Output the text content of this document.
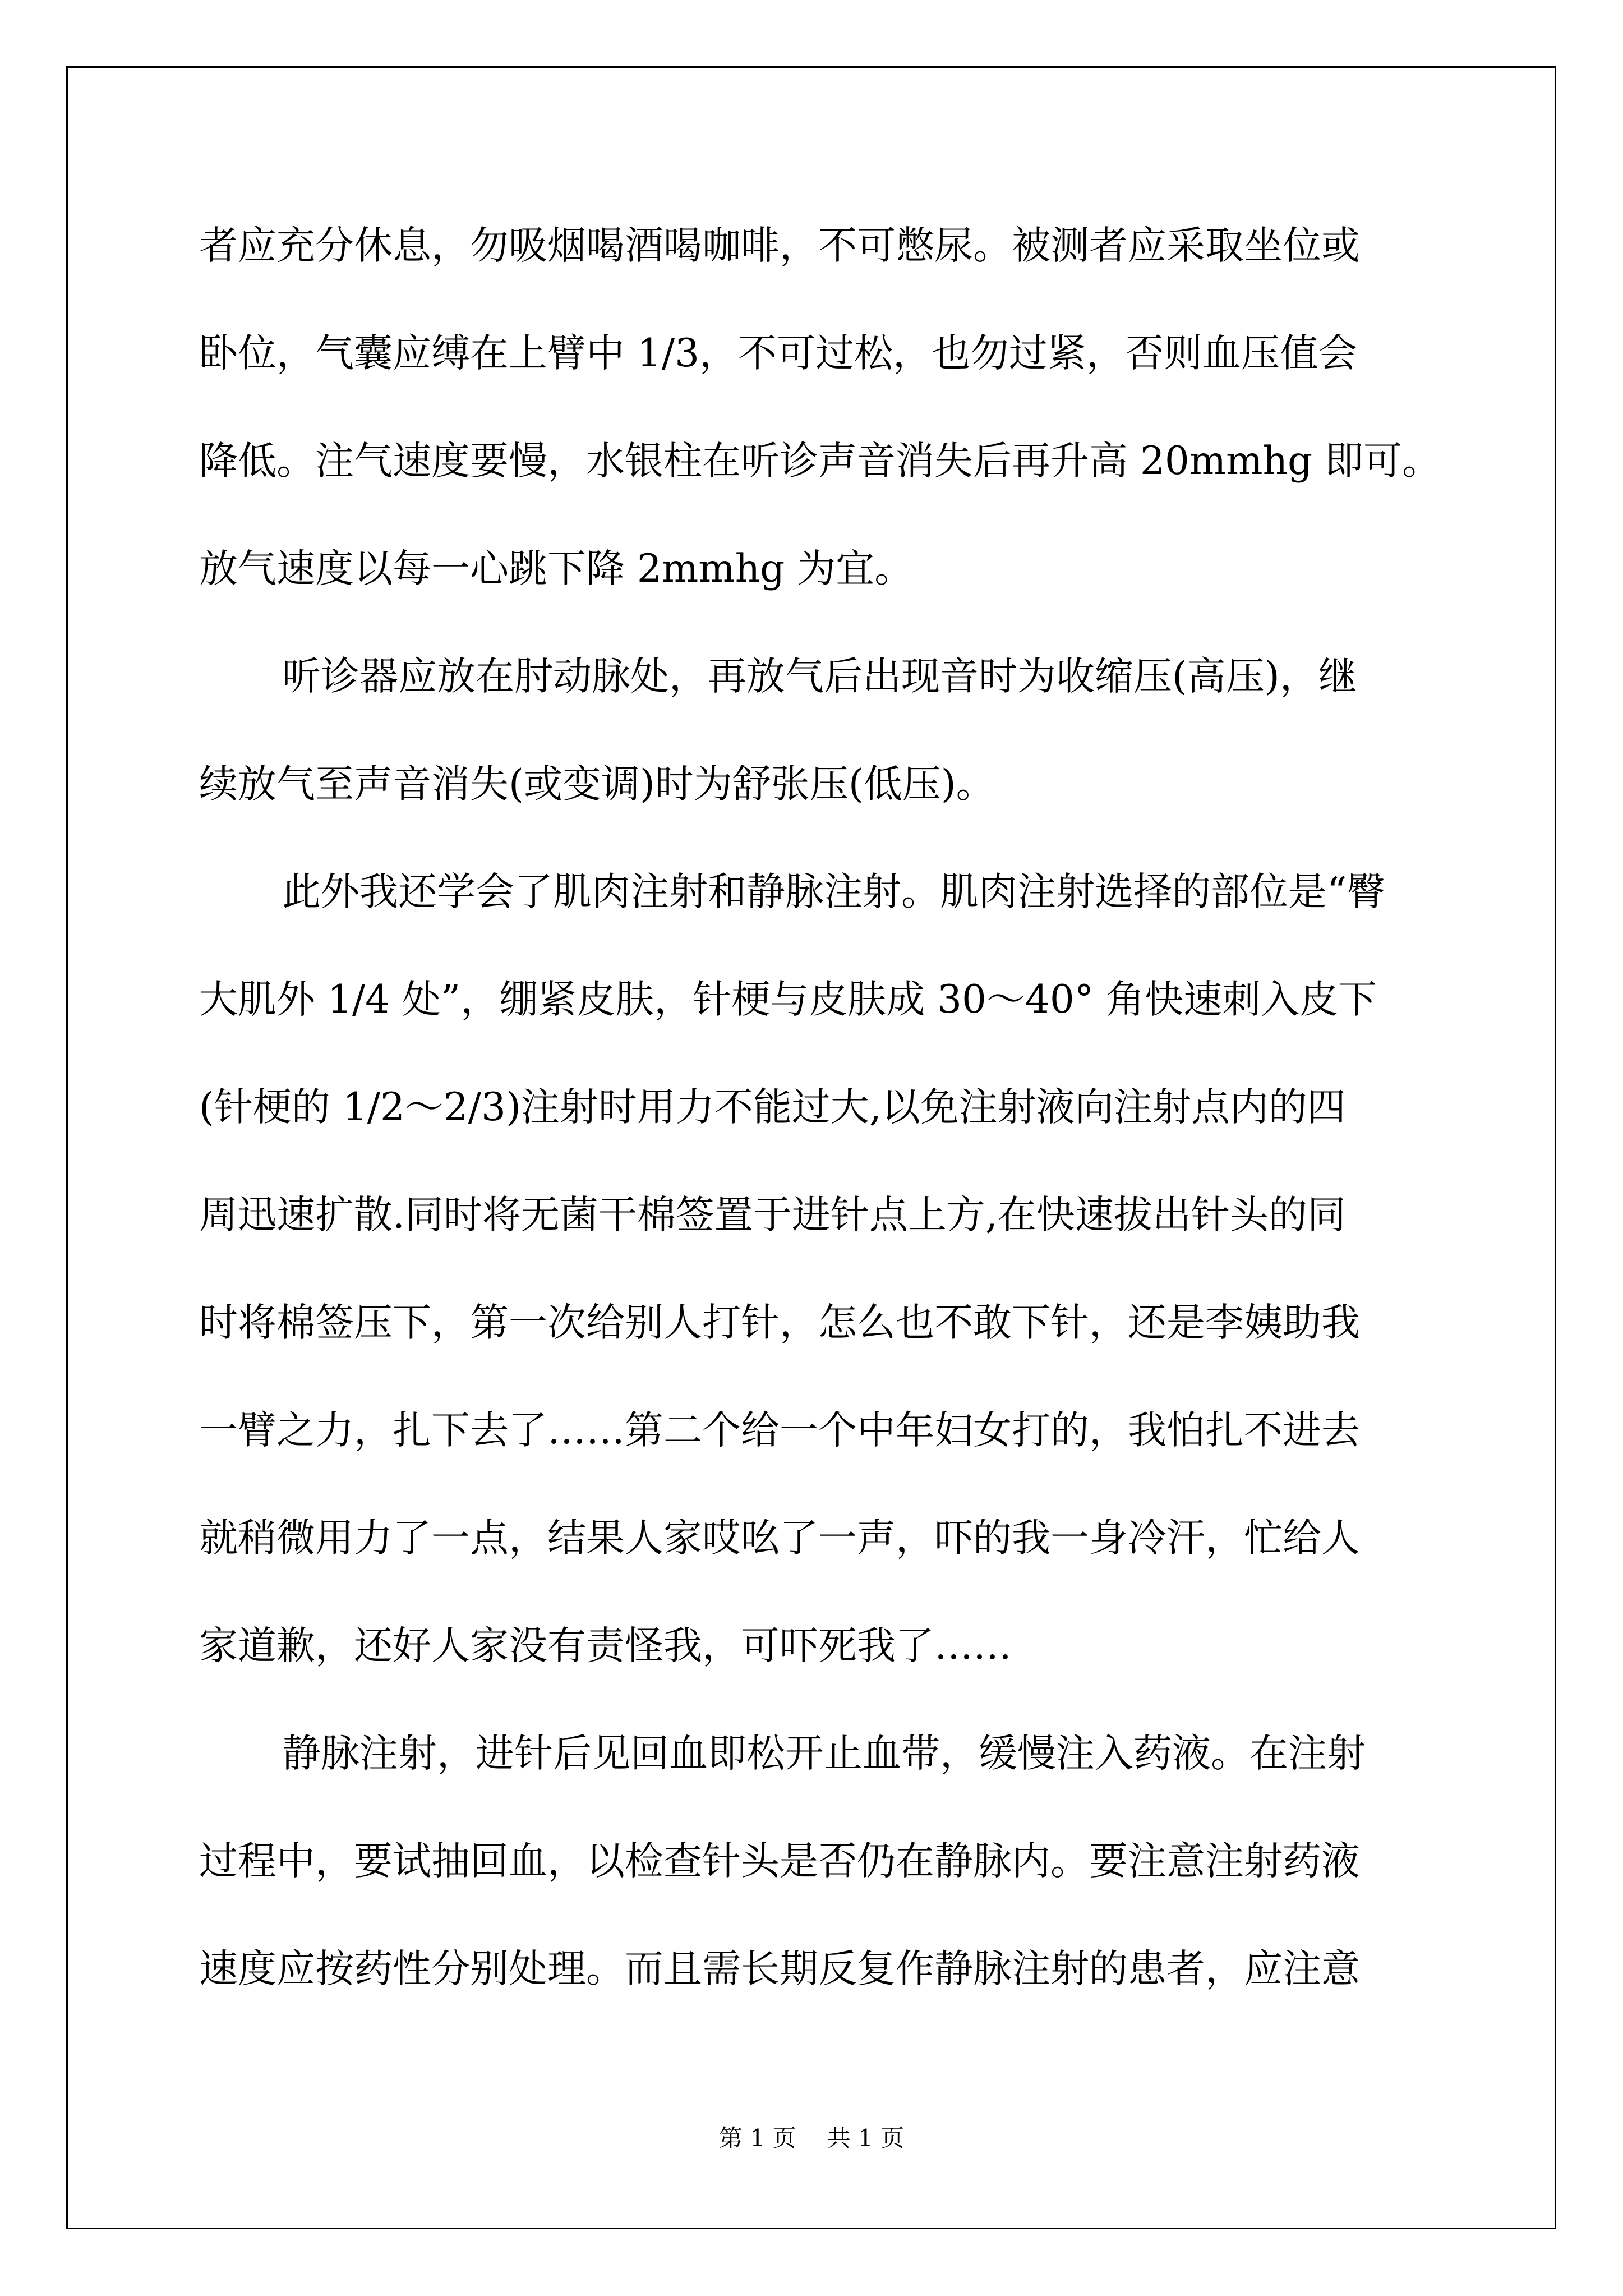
者应充分休息，勿吸烟喝酒喝咖啡，不可憋尿。被测者应采取坐位或
卧位，气囊应缚在上臂中 1/3，不可过松，也勿过紧，否则血压值会
降低。注气速度要慢，水银柱在听诊声音消失后再升高 20mmhg 即可。
放气速度以每一心跳下降 2mmhg 为宜。

听诊器应放在肘动脉处，再放气后出现音时为收缩压(高压)，继
续放气至声音消失(或变调)时为舒张压(低压)。

此外我还学会了肌肉注射和静脉注射。肌肉注射选择的部位是“臀
大肌外 1/4 处”，绷紧皮肤，针梗与皮肤成 30～40° 角快速刺入皮下
(针梗的 1/2～2/3)注射时用力不能过大,以免注射液向注射点内的四
周迅速扩散.同时将无菌干棉签置于进针点上方,在快速拔出针头的同
时将棉签压下，第一次给别人打针，怎么也不敢下针，还是李姨助我
一臂之力，扎下去了……第二个给一个中年妇女打的，我怕扎不进去
就稍微用力了一点，结果人家哎吆了一声，吓的我一身冷汗，忙给人
家道歉，还好人家没有责怪我，可吓死我了……

静脉注射，进针后见回血即松开止血带，缓慢注入药液。在注射
过程中，要试抽回血，以检查针头是否仍在静脉内。要注意注射药液
速度应按药性分别处理。而且需长期反复作静脉注射的患者，应注意

第 1 页　 共 1 页
